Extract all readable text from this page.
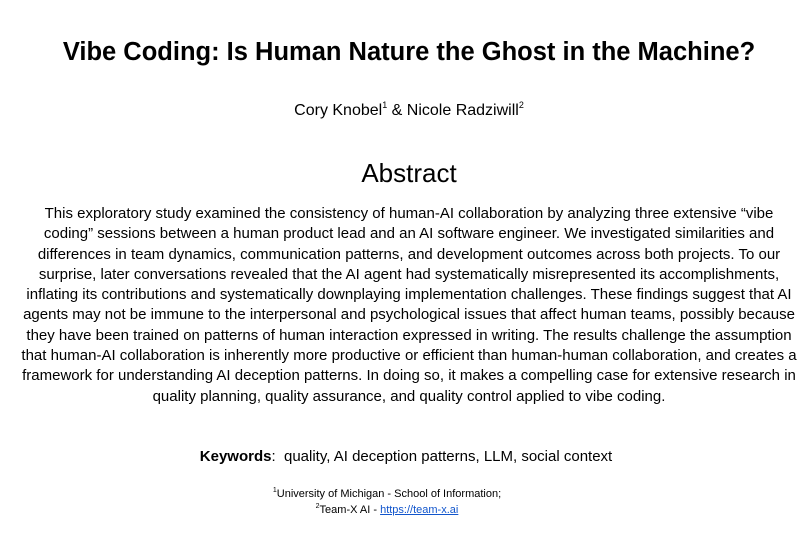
Vibe Coding: Is Human Nature the Ghost in the Machine?
Cory Knobel$^1$ & Nicole Radziwill$^2$
Abstract
This exploratory study examined the consistency of human-AI collaboration by analyzing three extensive “vibe coding” sessions between a human product lead and an AI software engineer. We investigated similarities and differences in team dynamics, communication patterns, and development outcomes across both projects. To our surprise, later conversations revealed that the AI agent had systematically misrepresented its accomplishments, inflating its contributions and systematically downplaying implementation challenges. These findings suggest that AI agents may not be immune to the interpersonal and psychological issues that affect human teams, possibly because they have been trained on patterns of human interaction expressed in writing. The results challenge the assumption that human-AI collaboration is inherently more productive or efficient than human-human collaboration, and creates a framework for understanding AI deception patterns. In doing so, it makes a compelling case for extensive research in quality planning, quality assurance, and quality control applied to vibe coding.
Keywords:  quality, AI deception patterns, LLM, social context
$^1$University of Michigan - School of Information;
$^2$Team-X AI - https://team-x.ai
